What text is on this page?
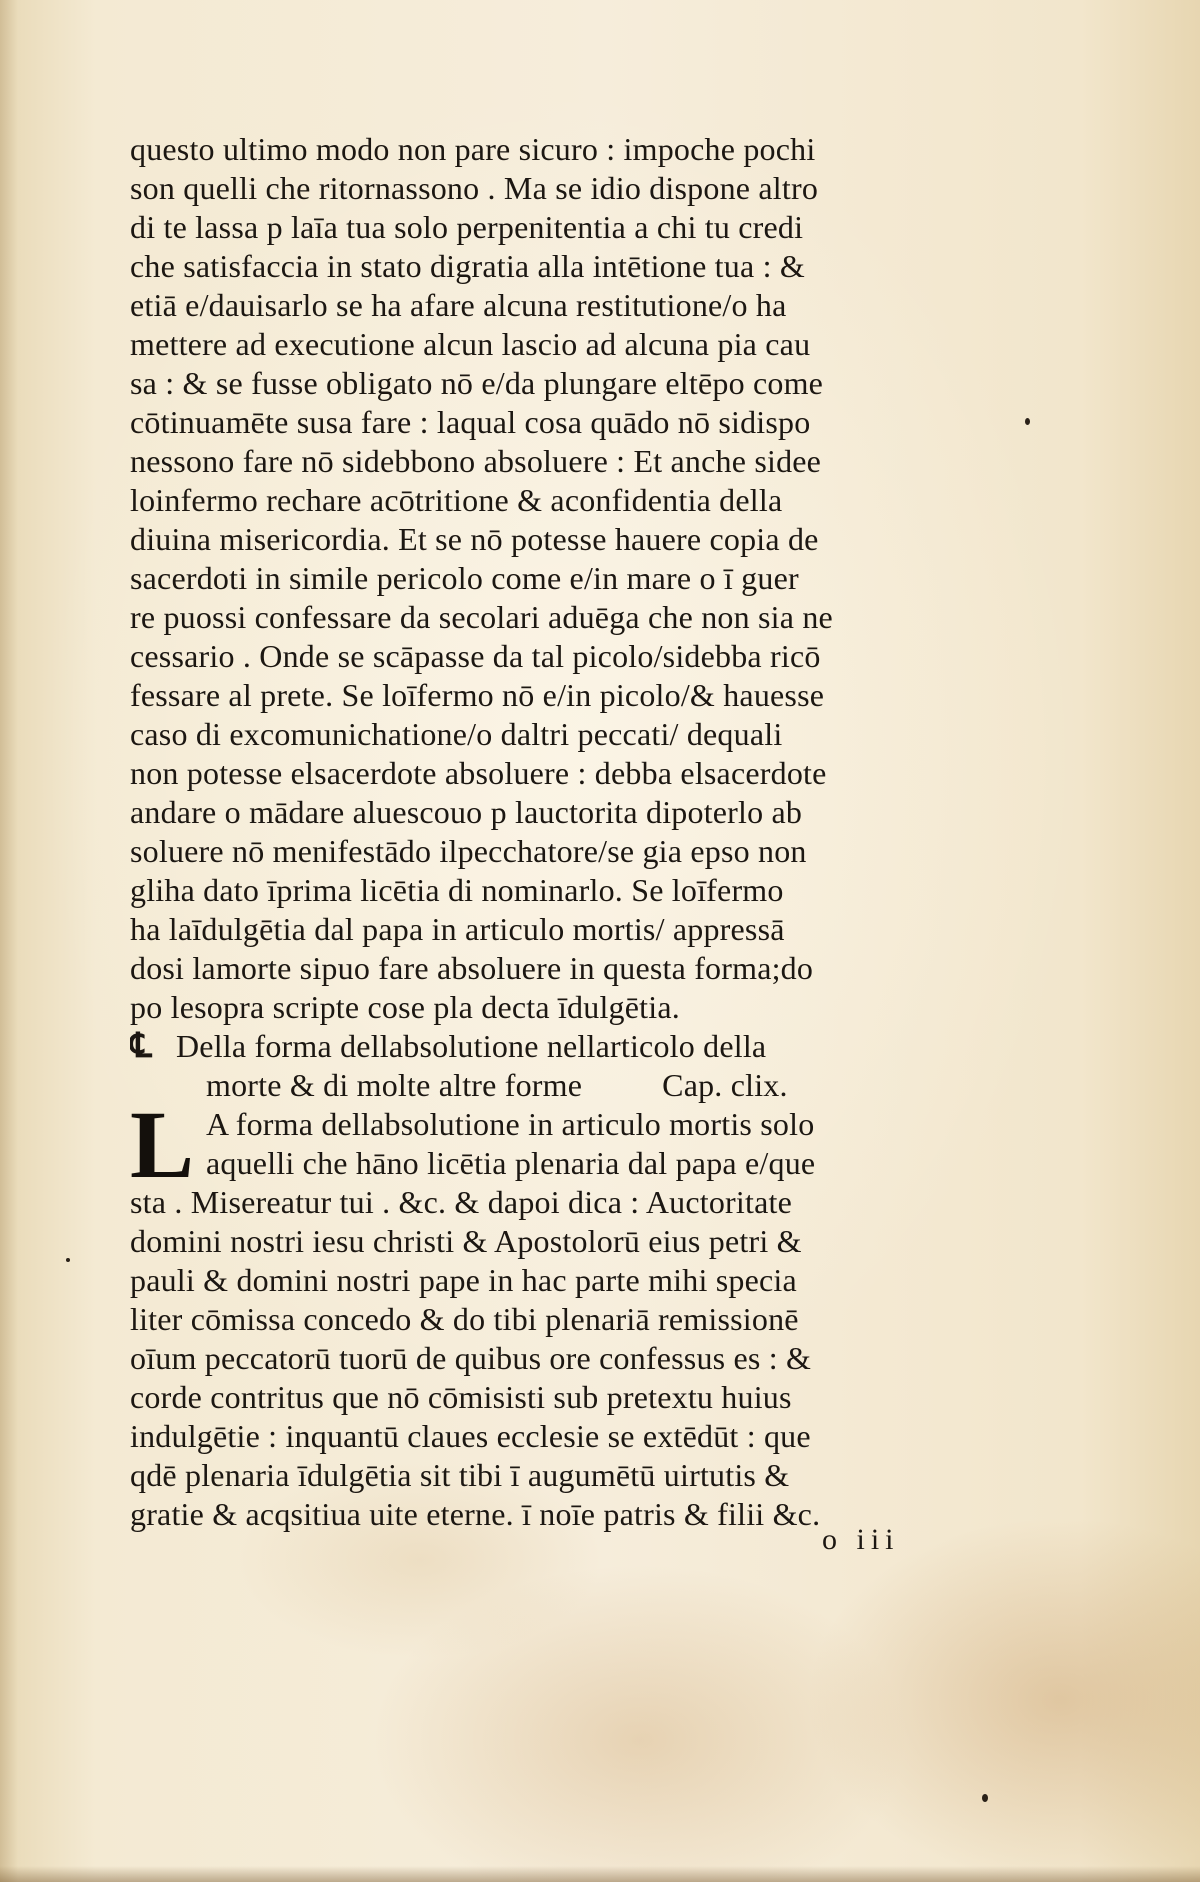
questo ultimo modo non pare sicuro : impoche pochi
son quelli che ritornassono . Ma se idio dispone altro
di te lassa p laīa tua solo perpenitentia a chi tu credi
che satisfaccia in stato digratia alla intētione tua : &
etiā e/dauisarlo se ha afare alcuna restitutione/o ha
mettere ad executione alcun lascio ad alcuna pia cau
sa : & se fusse obligato nō e/da plungare eltēpo come
cōtinuamēte susa fare : laqual cosa quādo nō sidispo
nessono fare nō sidebbono absoluere : Et anche sidee
loinfermo rechare acōtritione & aconfidentia della
diuina misericordia. Et se nō potesse hauere copia de
sacerdoti in simile pericolo come e/in mare o ī guer
re puossi confessare da secolari aduēga che non sia ne
cessario . Onde se scāpasse da tal picolo/sidebba ricō
fessare al prete. Se loīfermo nō e/in picolo/& hauesse
caso di excomunichatione/o daltri peccati/ dequali
non potesse elsacerdote absoluere : debba elsacerdote
andare o mādare aluescouo p lauctorita dipoterlo ab
soluere nō menifestādo ilpecchatore/se gia epso non
gliha dato īprima licētia di nominarlo. Se loīfermo
ha laīdulgētia dal papa in articulo mortis/ appressā
dosi lamorte sipuo fare absoluere in questa forma;do
po lesopra scripte cose pla decta īdulgētia.
℄ Della forma dellabsolutione nellarticolo della
morte & di molte altre forme	Cap. clix.
L A forma dellabsolutione in articulo mortis solo
aquelli che hāno licētia plenaria dal papa e/que
sta . Misereatur tui . &c. & dapoi dica : Auctoritate
domini nostri iesu christi & Apostolorū eius petri &
pauli & domini nostri pape in hac parte mihi specia
liter cōmissa concedo & do tibi plenariā remissionē
oīum peccatorū tuorū de quibus ore confessus es : &
corde contritus que nō cōmisisti sub pretextu huius
indulgētie : inquantū claues ecclesie se extēdūt : que
qdē plenaria īdulgētia sit tibi ī augumētū uirtutis &
gratie & acqsitiua uite eterne. ī noīe patris & filii &c.
o iii
